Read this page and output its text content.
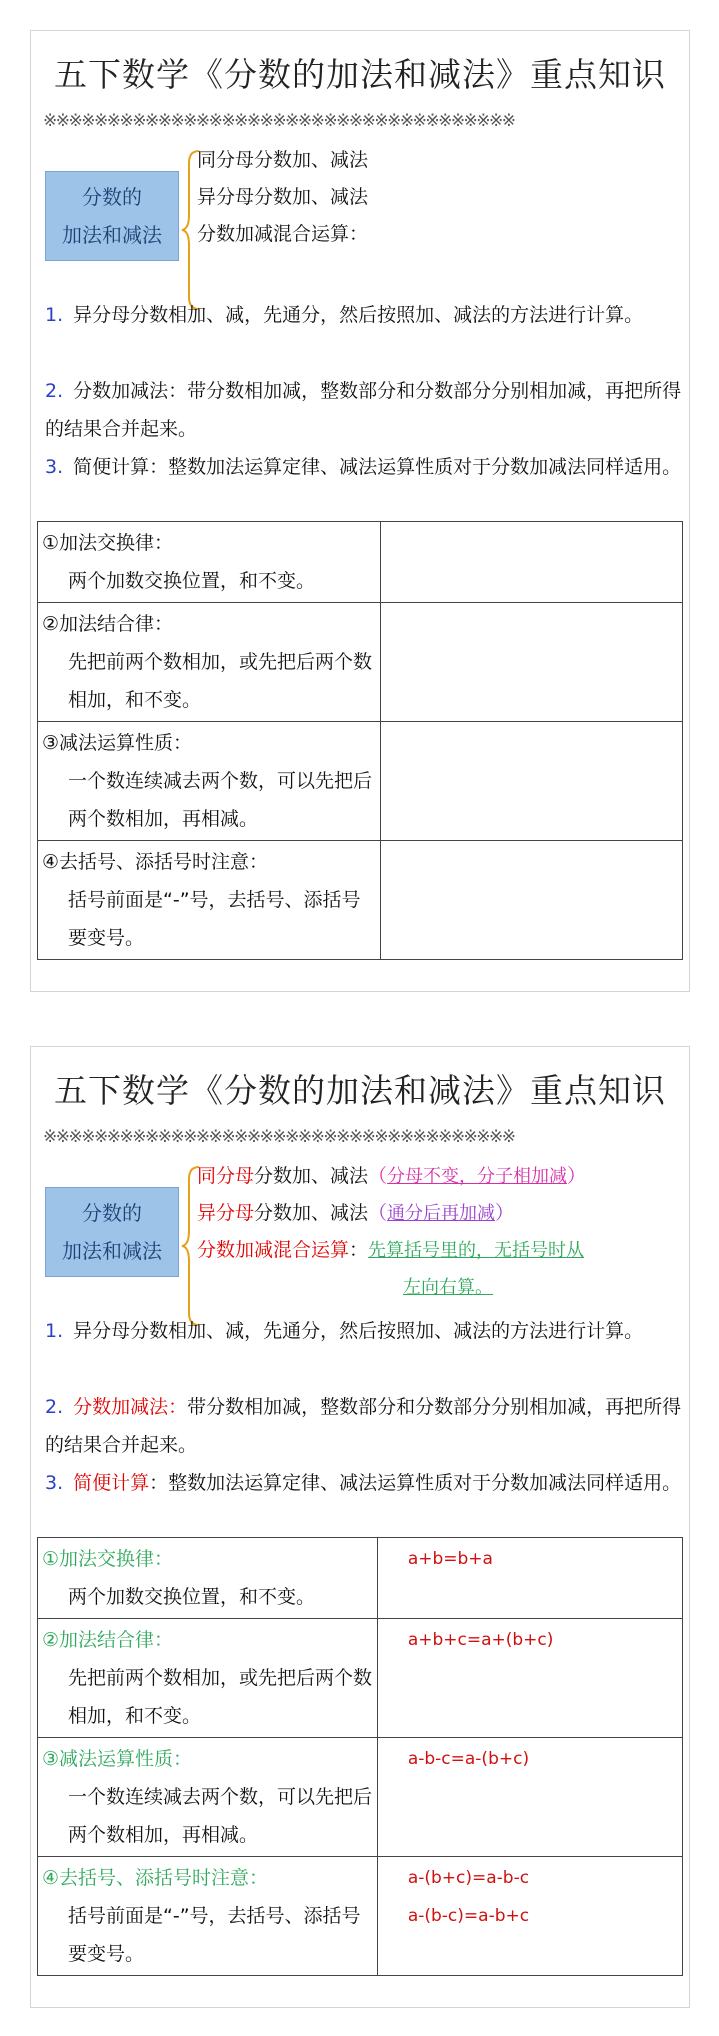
五下数学《分数的加法和减法》重点知识
※※※※※※※※※※※※※※※※※※※※※※※※※※※※※※※※※※※※※
分数的
加法和减法
同分母分数加、减法
异分母分数加、减法
分数加减混合运算：
1. 异分母分数相加、减，先通分，然后按照加、减法的方法进行计算。
2. 分数加减法：带分数相加减，整数部分和分数部分分别相加减，再把所得的结果合并起来。
3. 简便计算：整数加法运算定律、减法运算性质对于分数加减法同样适用。
①加法交换律：
两个加数交换位置，和不变。	

②加法结合律：
先把前两个数相加，或先把后两个数相加，和不变。	

③减法运算性质：
一个数连续减去两个数，可以先把后两个数相加，再相减。	

④去括号、添括号时注意：
括号前面是“-”号，去括号、添括号要变号。	

五下数学《分数的加法和减法》重点知识
※※※※※※※※※※※※※※※※※※※※※※※※※※※※※※※※※※※※※
分数的
加法和减法
同分母分数加、减法（分母不变，分子相加减）
异分母分数加、减法（通分后再加减）
分数加减混合运算：先算括号里的，无括号时从
左向右算。
1. 异分母分数相加、减，先通分，然后按照加、减法的方法进行计算。
2. 分数加减法：带分数相加减，整数部分和分数部分分别相加减，再把所得的结果合并起来。
3. 简便计算：整数加法运算定律、减法运算性质对于分数加减法同样适用。
①加法交换律：
两个加数交换位置，和不变。	a+b=b+a

②加法结合律：
先把前两个数相加，或先把后两个数相加，和不变。	a+b+c=a+(b+c)

③减法运算性质：
一个数连续减去两个数，可以先把后两个数相加，再相减。	a-b-c=a-(b+c)

④去括号、添括号时注意：
括号前面是“-”号，去括号、添括号要变号。	a-(b+c)=a-b-c
a-(b-c)=a-b+c
